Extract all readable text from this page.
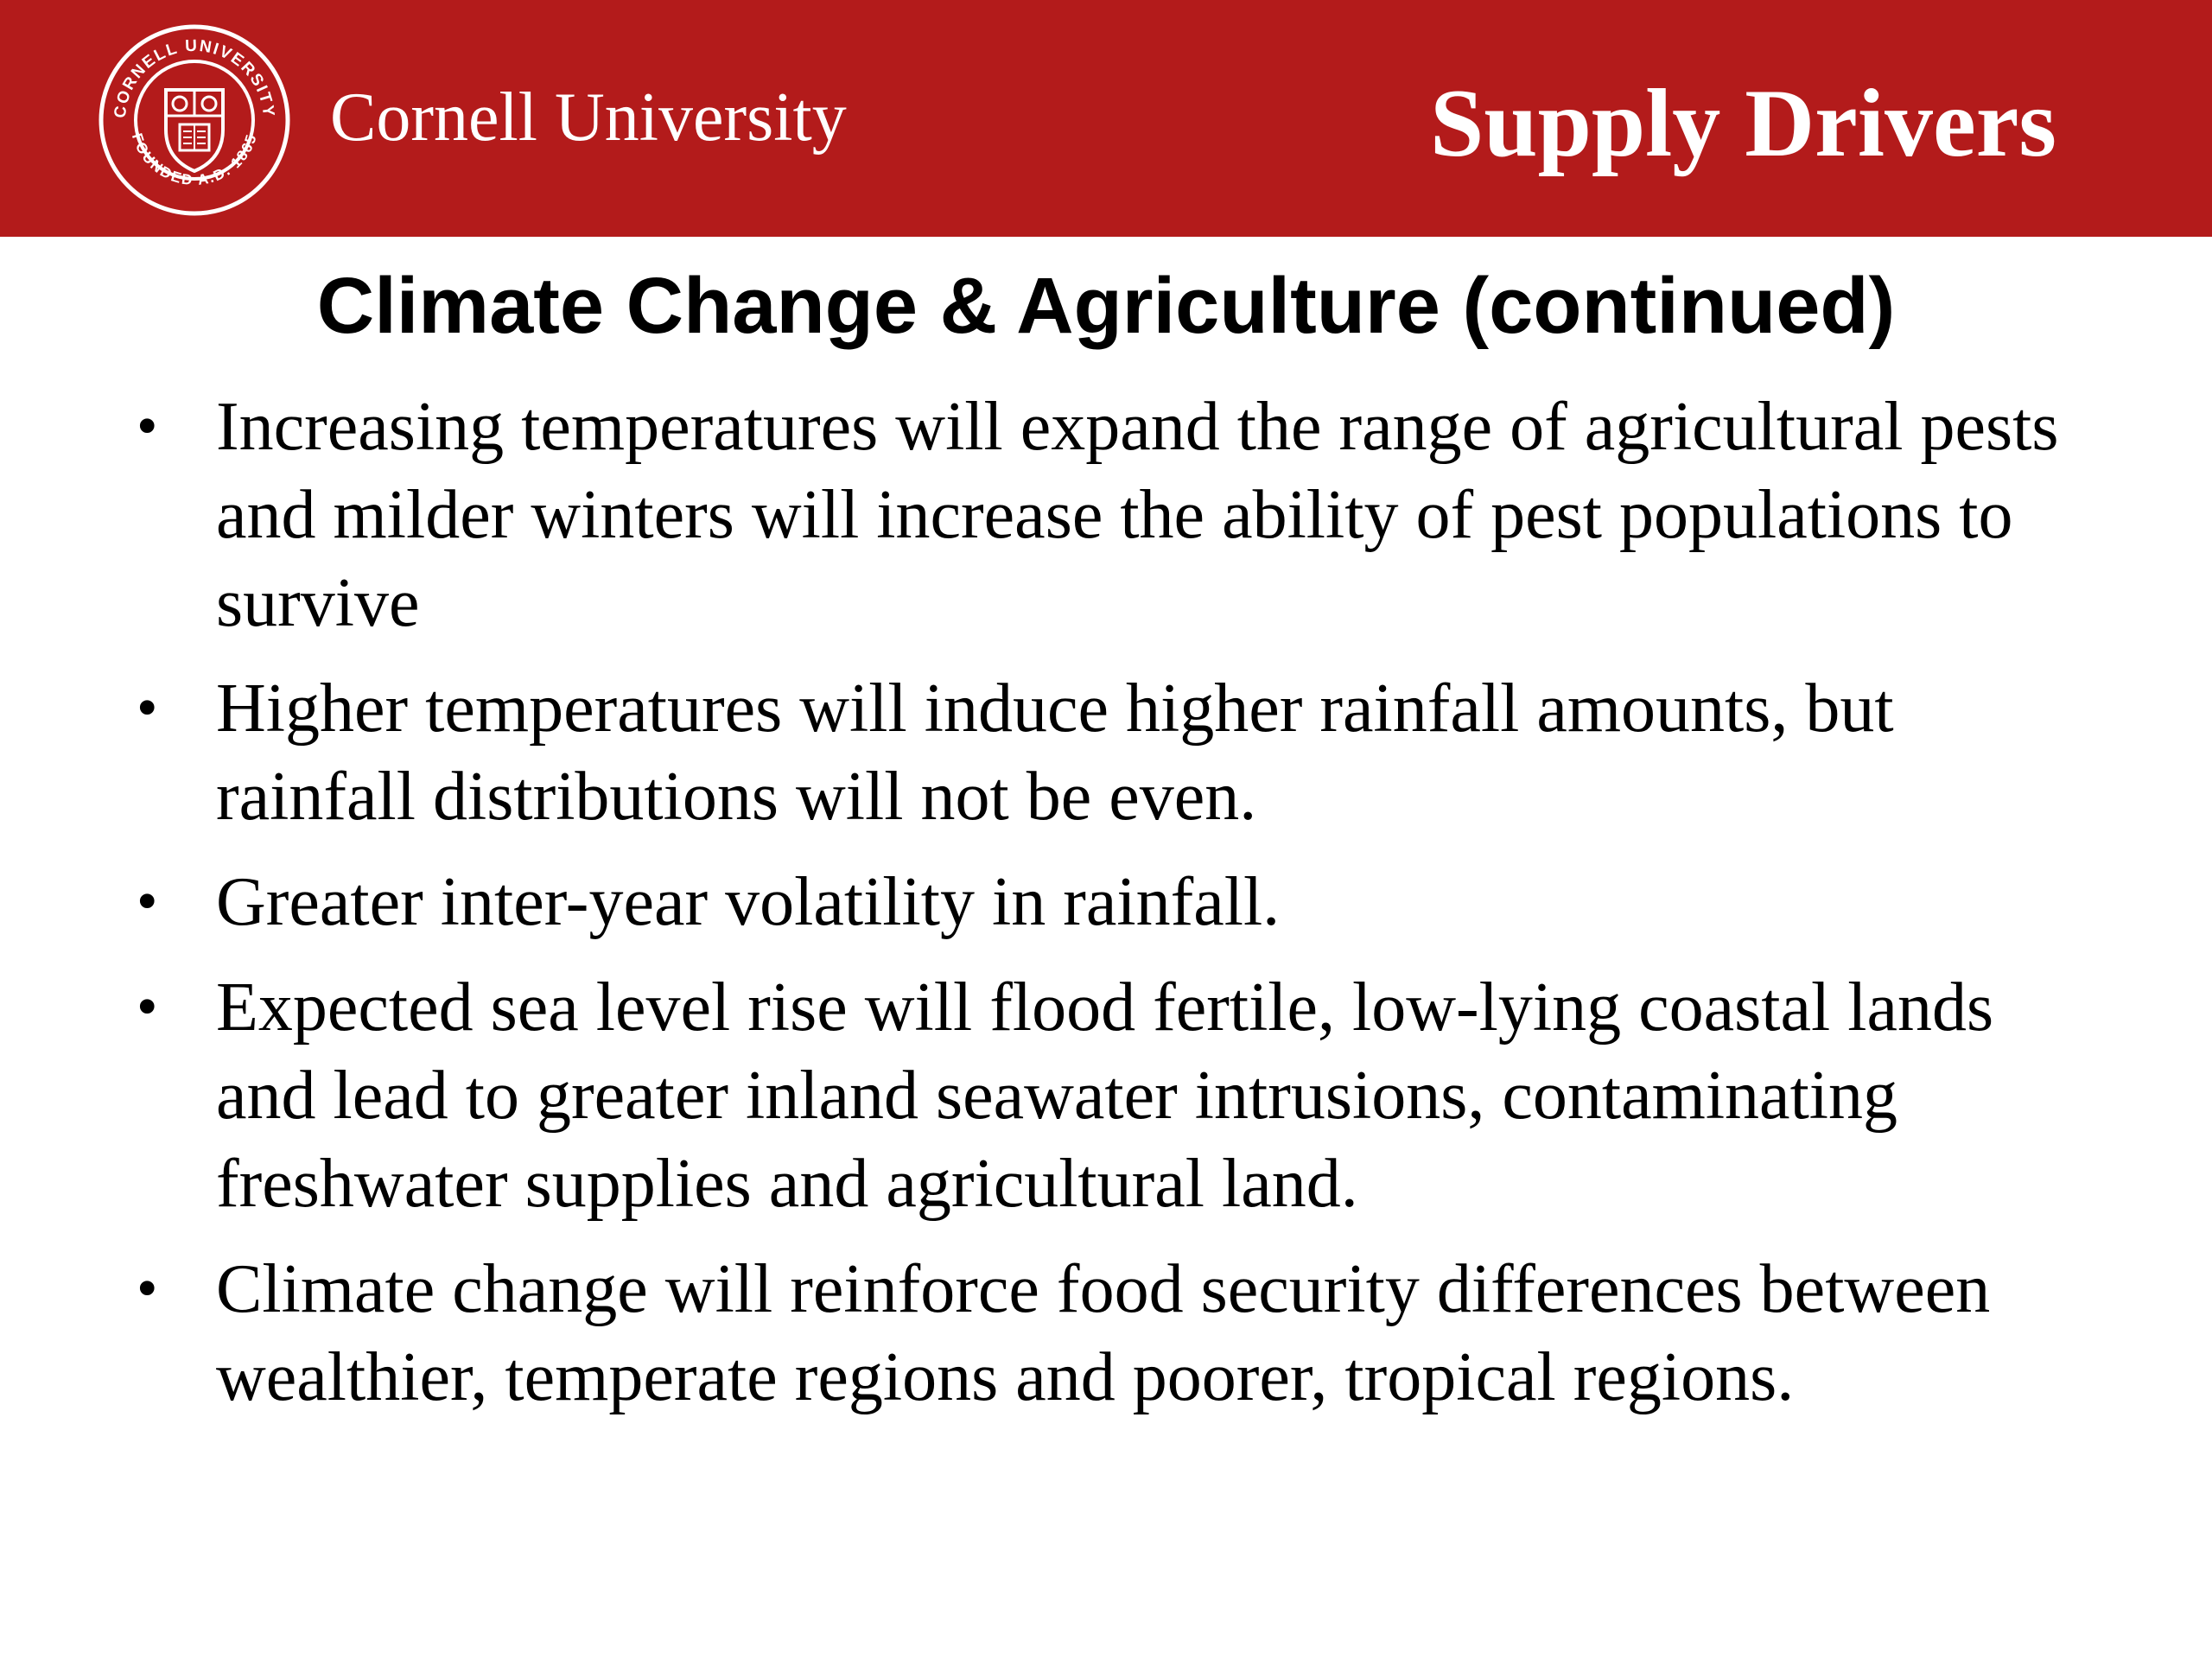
CORNELL UNIVERSITY
FOUNDED A.D. 1865 Cornell University	Supply Drivers
Climate Change & Agriculture (continued)
• Increasing temperatures will expand the range of agricultural pests and milder winters will increase the ability of pest populations to survive
• Higher temperatures will induce higher rainfall amounts, but rainfall distributions will not be even.
• Greater inter-year volatility in rainfall.
• Expected sea level rise will flood fertile, low-lying coastal lands and lead to greater inland seawater intrusions, contaminating freshwater supplies and agricultural land.
• Climate change will reinforce food security differences between wealthier, temperate regions and poorer, tropical regions.
